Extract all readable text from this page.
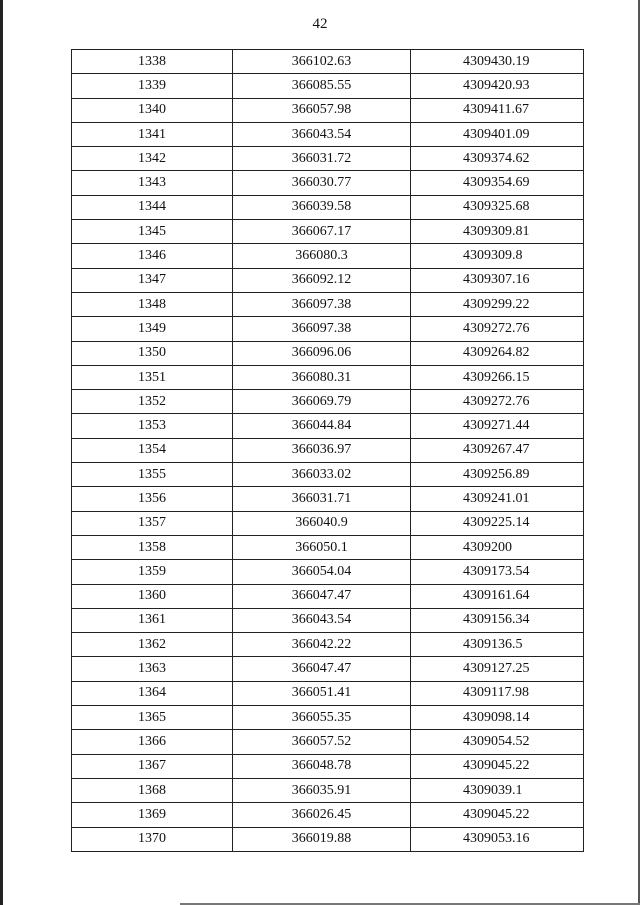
42
1338	366102.63	4309430.19
1339	366085.55	4309420.93
1340	366057.98	4309411.67
1341	366043.54	4309401.09
1342	366031.72	4309374.62
1343	366030.77	4309354.69
1344	366039.58	4309325.68
1345	366067.17	4309309.81
1346	366080.3	4309309.8
1347	366092.12	4309307.16
1348	366097.38	4309299.22
1349	366097.38	4309272.76
1350	366096.06	4309264.82
1351	366080.31	4309266.15
1352	366069.79	4309272.76
1353	366044.84	4309271.44
1354	366036.97	4309267.47
1355	366033.02	4309256.89
1356	366031.71	4309241.01
1357	366040.9	4309225.14
1358	366050.1	4309200
1359	366054.04	4309173.54
1360	366047.47	4309161.64
1361	366043.54	4309156.34
1362	366042.22	4309136.5
1363	366047.47	4309127.25
1364	366051.41	4309117.98
1365	366055.35	4309098.14
1366	366057.52	4309054.52
1367	366048.78	4309045.22
1368	366035.91	4309039.1
1369	366026.45	4309045.22
1370	366019.88	4309053.16
